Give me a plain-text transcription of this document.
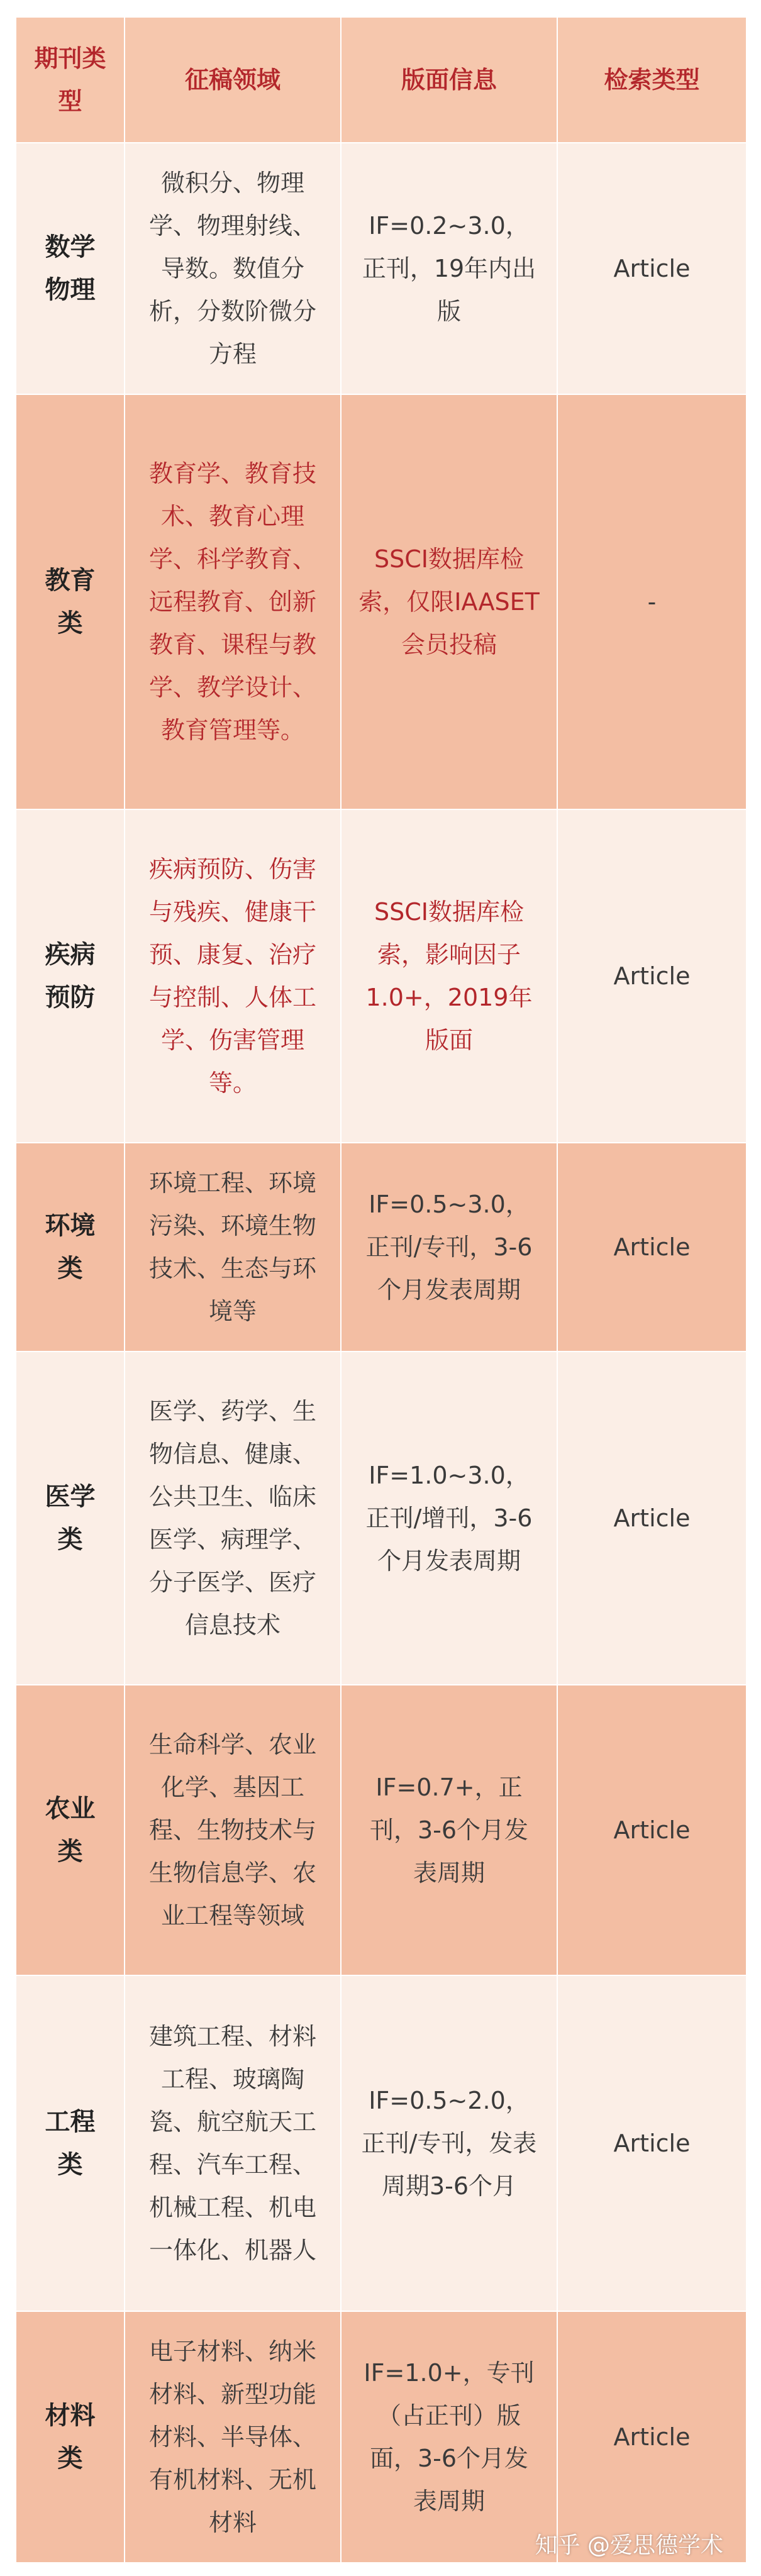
期刊类型	征稿领域	版面信息	检索类型
数学物理	微积分、物理学、物理射线、导数。数值分析，分数阶微分方程	IF=0.2~3.0，正刊，19年内出版	Article
教育类	教育学、教育技术、教育心理学、科学教育、远程教育、创新教育、课程与教学、教学设计、教育管理等。	SSCI数据库检索，仅限IAASET会员投稿	-
疾病预防	疾病预防、伤害与残疾、健康干预、康复、治疗与控制、人体工学、伤害管理等。	SSCI数据库检索，影响因子1.0+，2019年版面	Article
环境类	环境工程、环境污染、环境生物技术、生态与环境等	IF=0.5~3.0，正刊/专刊，3-6个月发表周期	Article
医学类	医学、药学、生物信息、健康、公共卫生、临床医学、病理学、分子医学、医疗信息技术	IF=1.0~3.0，正刊/增刊，3-6个月发表周期	Article
农业类	生命科学、农业化学、基因工程、生物技术与生物信息学、农业工程等领域	IF=0.7+，正刊，3-6个月发表周期	Article
工程类	建筑工程、材料工程、玻璃陶瓷、航空航天工程、汽车工程、机械工程、机电一体化、机器人	IF=0.5~2.0，正刊/专刊，发表周期3-6个月	Article
材料类	电子材料、纳米材料、新型功能材料、半导体、有机材料、无机材料	IF=1.0+，专刊（占正刊）版面，3-6个月发表周期	Article
知乎 @爱思德学术
